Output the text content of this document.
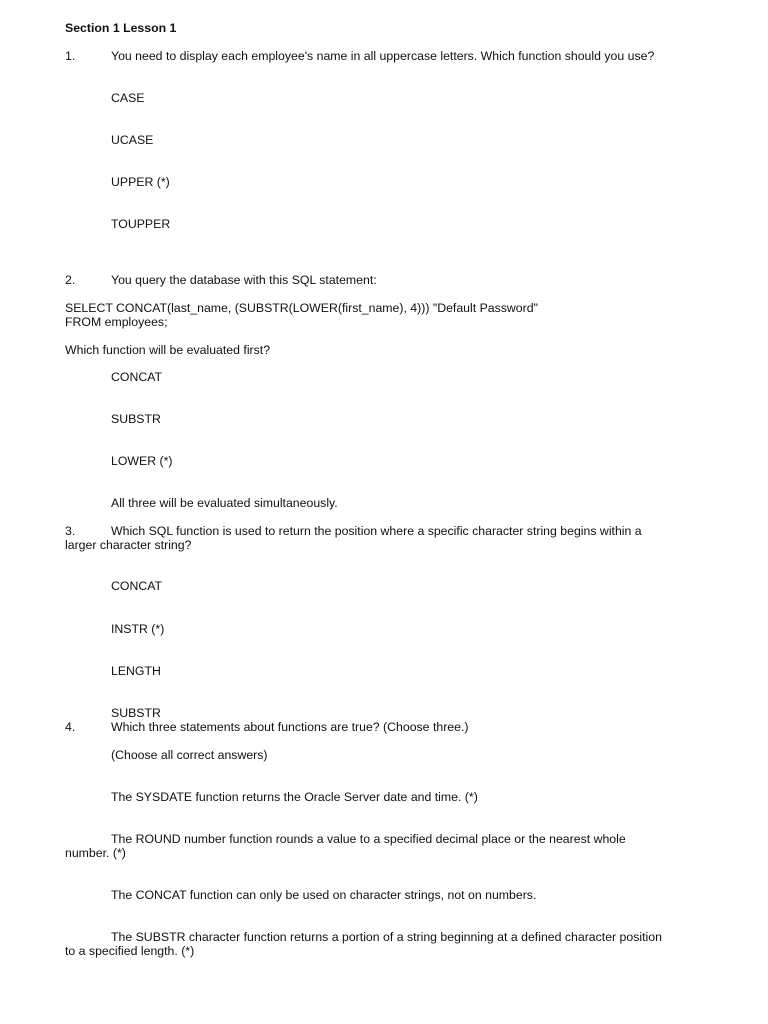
Section 1 Lesson 1
1.	You need to display each employee's name in all uppercase letters. Which function should you use?
CASE
UCASE
UPPER (*)
TOUPPER
2.	You query the database with this SQL statement:
SELECT CONCAT(last_name, (SUBSTR(LOWER(first_name), 4))) "Default Password"
FROM employees;
Which function will be evaluated first?
CONCAT
SUBSTR
LOWER (*)
All three will be evaluated simultaneously.
3.	Which SQL function is used to return the position where a specific character string begins within a
larger character string?
CONCAT
INSTR (*)
LENGTH
SUBSTR
4.	Which three statements about functions are true? (Choose three.)
(Choose all correct answers)
The SYSDATE function returns the Oracle Server date and time. (*)
The ROUND number function rounds a value to a specified decimal place or the nearest whole
number. (*)
The CONCAT function can only be used on character strings, not on numbers.
The SUBSTR character function returns a portion of a string beginning at a defined character position
to a specified length. (*)
